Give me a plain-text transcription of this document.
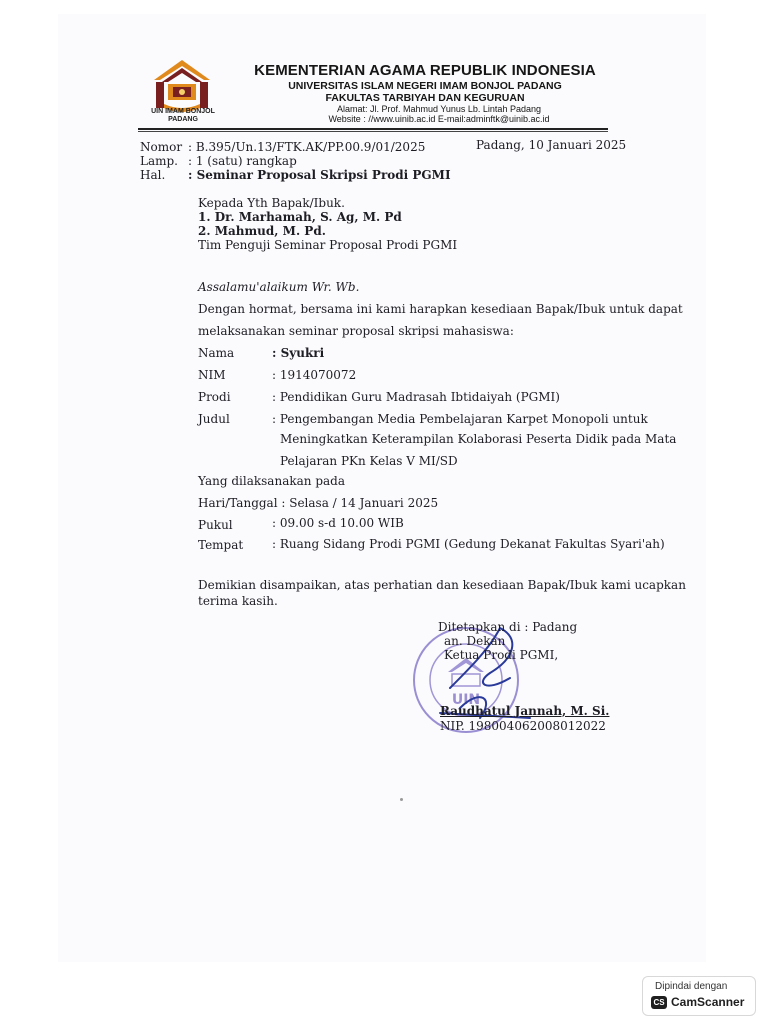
UIN IMAM BONJOL PADANG
KEMENTERIAN AGAMA REPUBLIK INDONESIA
UNIVERSITAS ISLAM NEGERI IMAM BONJOL PADANG
FAKULTAS TARBIYAH DAN KEGURUAN
Alamat: Jl. Prof. Mahmud Yunus Lb. Lintah Padang
Website : //www.uinib.ac.id E-mail:adminftk@uinib.ac.id
Nomor : B.395/Un.13/FTK.AK/PP.00.9/01/2025	Padang, 10 Januari 2025
Lamp. : 1 (satu) rangkap
Hal. : Seminar Proposal Skripsi Prodi PGMI
Kepada Yth Bapak/Ibuk.
1. Dr. Marhamah, S. Ag, M. Pd
2. Mahmud, M. Pd.
Tim Penguji Seminar Proposal Prodi PGMI
Assalamu'alaikum Wr. Wb.
Dengan hormat, bersama ini kami harapkan kesediaan Bapak/Ibuk untuk dapat
melaksanakan seminar proposal skripsi mahasiswa:
Nama	: Syukri
NIM	: 1914070072
Prodi	: Pendidikan Guru Madrasah Ibtidaiyah (PGMI)
Judul	: Pengembangan Media Pembelajaran Karpet Monopoli untuk
Meningkatkan Keterampilan Kolaborasi Peserta Didik pada Mata
Pelajaran PKn Kelas V MI/SD
Yang dilaksanakan pada
Hari/Tanggal : Selasa / 14 Januari 2025
Pukul	: 09.00 s-d 10.00 WIB
Tempat : Ruang Sidang Prodi PGMI (Gedung Dekanat Fakultas Syari'ah)
Demikian disampaikan, atas perhatian dan kesediaan Bapak/Ibuk kami ucapkan
terima kasih.
UIN
Ditetapkan di : Padang
an. Dekan
Ketua Prodi PGMI,
Raudhatul Jannah, M. Si.
NIP. 198004062008012022
Dipindai dengan
CS CamScanner
